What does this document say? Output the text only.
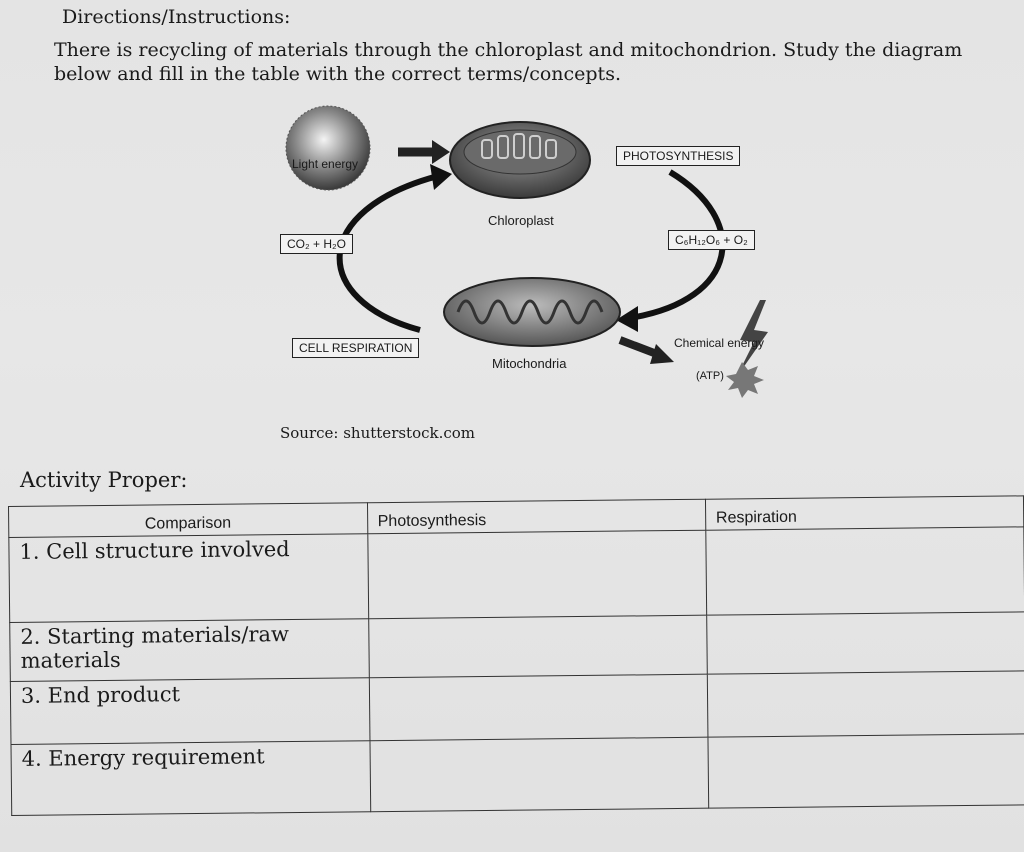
Directions/Instructions:
There is recycling of materials through the chloroplast and mitochondrion. Study the diagram below and fill in the table with the correct terms/concepts.
Light energy
PHOTOSYNTHESIS
Chloroplast
CO₂ + H₂O	C₆H₁₂O₆ + O₂
CELL RESPIRATION
Mitochondria
Chemical energy
(ATP)
Source: shutterstock.com
Activity Proper:
Comparison	Photosynthesis	Respiration
1. Cell structure involved		
2. Starting materials/raw materials		
3. End product		
4. Energy requirement		
